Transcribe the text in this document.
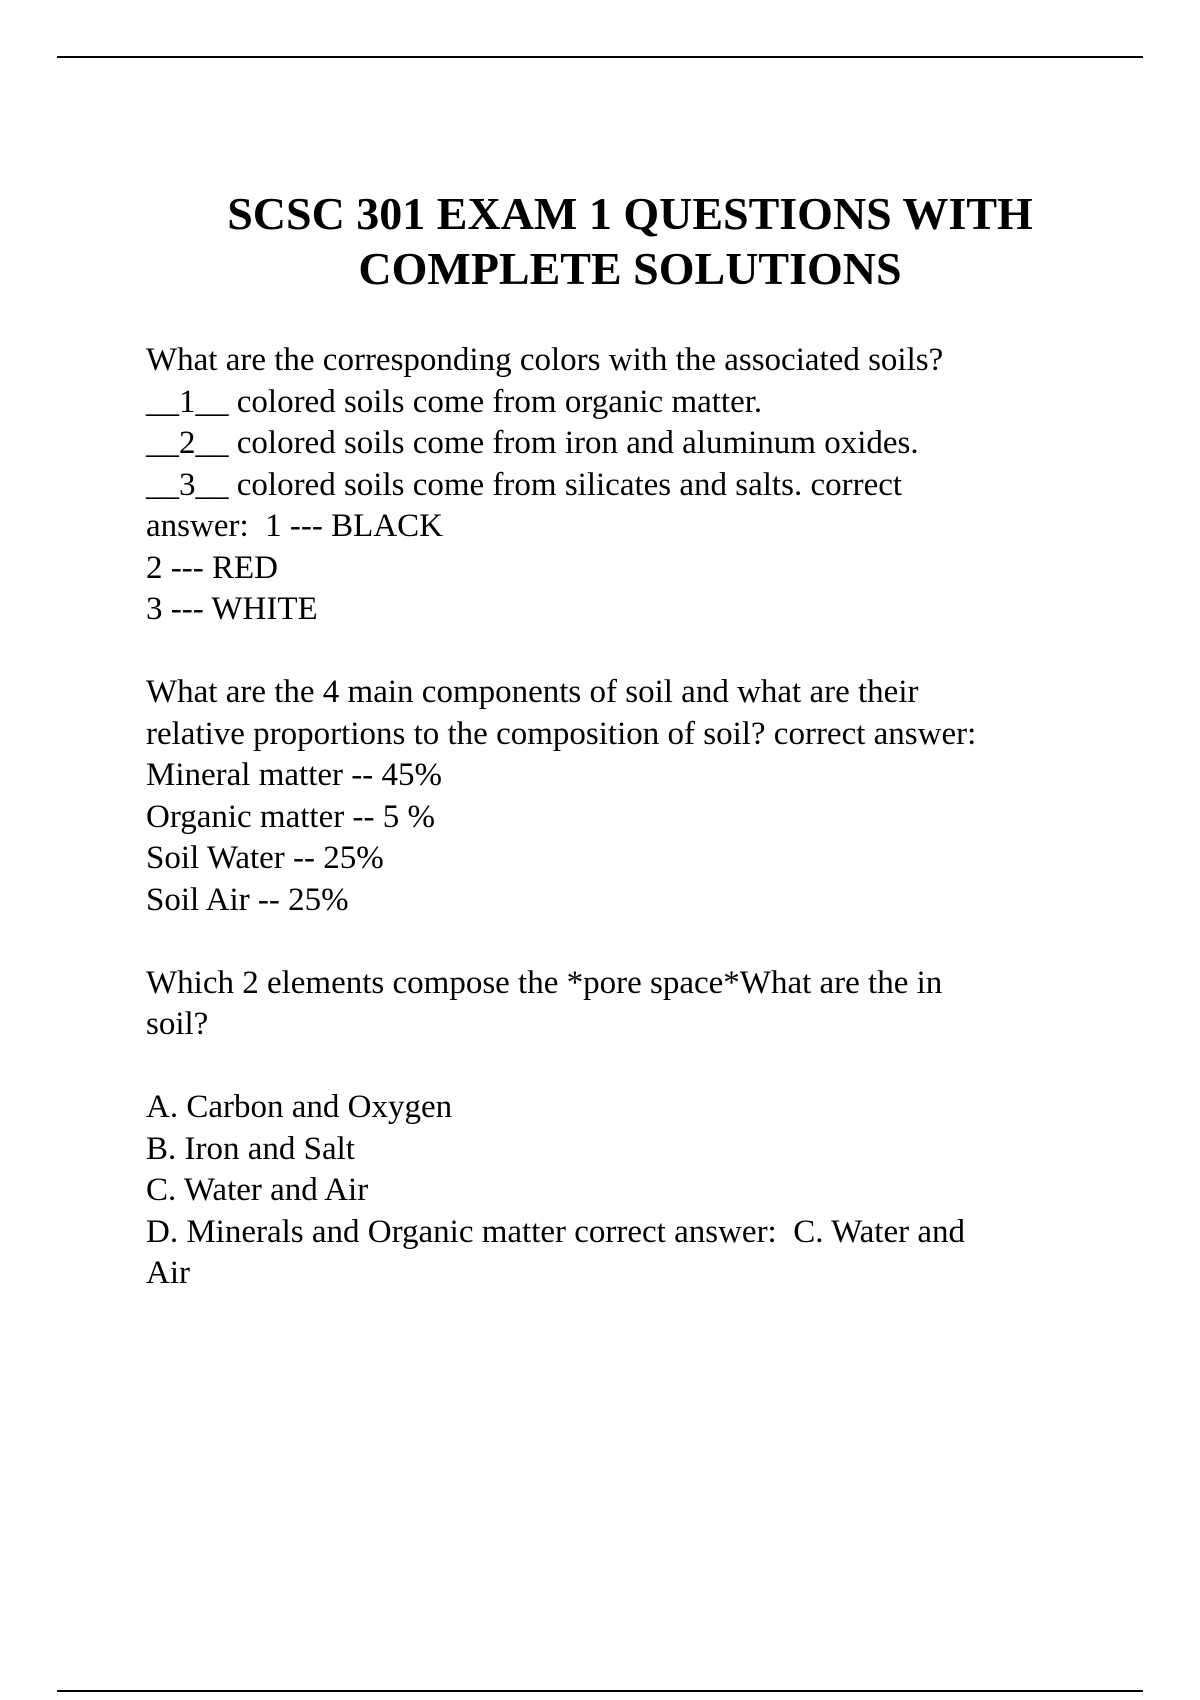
SCSC 301 EXAM 1 QUESTIONS WITH
COMPLETE SOLUTIONS
What are the corresponding colors with the associated soils?
__1__ colored soils come from organic matter.
__2__ colored soils come from iron and aluminum oxides.
__3__ colored soils come from silicates and salts. correct
answer:  1 --- BLACK
2 --- RED
3 --- WHITE
What are the 4 main components of soil and what are their
relative proportions to the composition of soil? correct answer:
Mineral matter -- 45%
Organic matter -- 5 %
Soil Water -- 25%
Soil Air -- 25%
Which 2 elements compose the *pore space*What are the in
soil?
A. Carbon and Oxygen
B. Iron and Salt
C. Water and Air
D. Minerals and Organic matter correct answer:  C. Water and
Air
